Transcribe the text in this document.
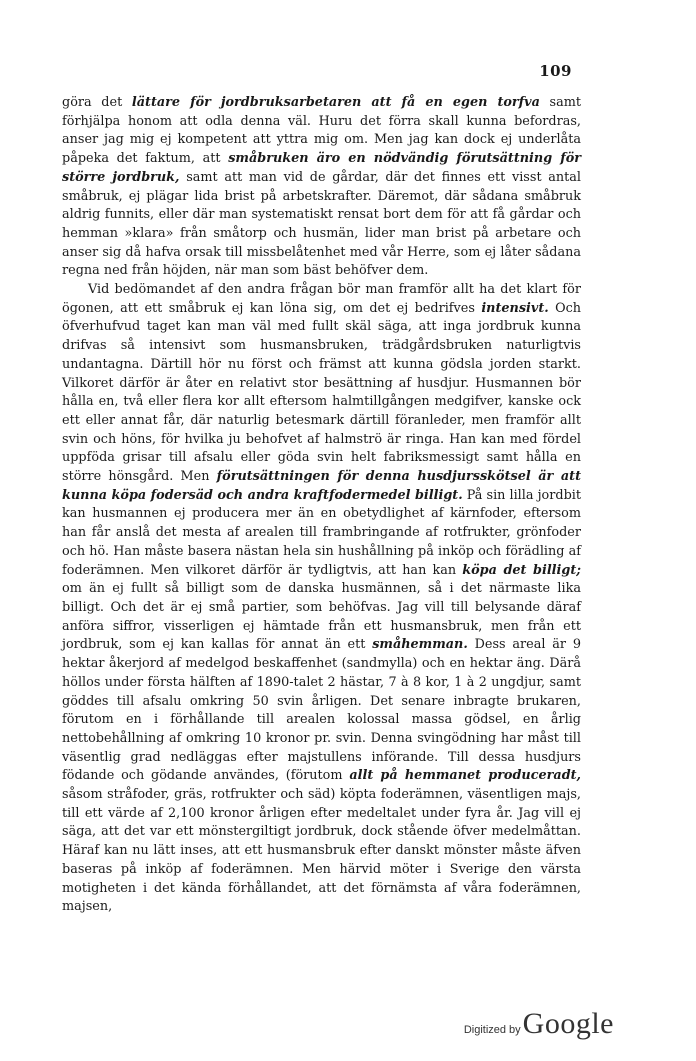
109

göra det lättare för jordbruksarbetaren att få en egen torfva samt förhjälpa honom att odla denna väl. Huru det förra skall kunna befordras, anser jag mig ej kompetent att yttra mig om. Men jag kan dock ej underlåta påpeka det faktum, att småbruken äro en nödvändig förutsättning för större jordbruk, samt att man vid de gårdar, där det finnes ett visst antal småbruk, ej plägar lida brist på arbetskrafter. Däremot, där sådana småbruk aldrig funnits, eller där man systematiskt rensat bort dem för att få gårdar och hemman »klara» från småtorp och husmän, lider man brist på arbetare och anser sig då hafva orsak till missbelåtenhet med vår Herre, som ej låter sådana regna ned från höjden, när man som bäst behöfver dem.

Vid bedömandet af den andra frågan bör man framför allt ha det klart för ögonen, att ett småbruk ej kan löna sig, om det ej bedrifves intensivt. Och öfverhufvud taget kan man väl med fullt skäl säga, att inga jordbruk kunna drifvas så intensivt som husmansbruken, trädgårdsbruken naturligtvis undantagna. Därtill hör nu först och främst att kunna gödsla jorden starkt. Vilkoret därför är åter en relativt stor besättning af husdjur. Husmannen bör hålla en, två eller flera kor allt eftersom halmtillgången medgifver, kanske ock ett eller annat får, där naturlig betesmark därtill föranleder, men framför allt svin och höns, för hvilka ju behofvet af halmströ är ringa. Han kan med fördel uppföda grisar till afsalu eller göda svin helt fabriksmessigt samt hålla en större hönsgård. Men förutsättningen för denna husdjursskötsel är att kunna köpa fodersäd och andra kraftfodermedel billigt. På sin lilla jordbit kan husmannen ej producera mer än en obetydlighet af kärnfoder, eftersom han får anslå det mesta af arealen till frambringande af rotfrukter, grönfoder och hö. Han måste basera nästan hela sin hushållning på inköp och förädling af foderämnen. Men vilkoret därför är tydligtvis, att han kan köpa det billigt; om än ej fullt så billigt som de danska husmännen, så i det närmaste lika billigt. Och det är ej små partier, som behöfvas. Jag vill till belysande däraf anföra siffror, visserligen ej hämtade från ett husmansbruk, men från ett jordbruk, som ej kan kallas för annat än ett småhemman. Dess areal är 9 hektar åkerjord af medelgod beskaffenhet (sandmylla) och en hektar äng. Därå höllos under första hälften af 1890-talet 2 hästar, 7 à 8 kor, 1 à 2 ungdjur, samt göddes till afsalu omkring 50 svin årligen. Det senare inbragte brukaren, förutom en i förhållande till arealen kolossal massa gödsel, en årlig nettobehållning af omkring 10 kronor pr. svin. Denna svingödning har måst till väsentlig grad nedläggas efter majstullens införande. Till dessa husdjurs födande och gödande användes, (förutom allt på hemmanet produceradt, såsom stråfoder, gräs, rotfrukter och säd) köpta foderämnen, väsentligen majs, till ett värde af 2,100 kronor årligen efter medeltalet under fyra år. Jag vill ej säga, att det var ett mönstergiltigt jordbruk, dock stående öfver medelmåttan. Häraf kan nu lätt inses, att ett husmansbruk efter danskt mönster måste äfven baseras på inköp af foderämnen. Men härvid möter i Sverige den värsta motigheten i det kända förhållandet, att det förnämsta af våra foderämnen, majsen,

Digitized by Google
